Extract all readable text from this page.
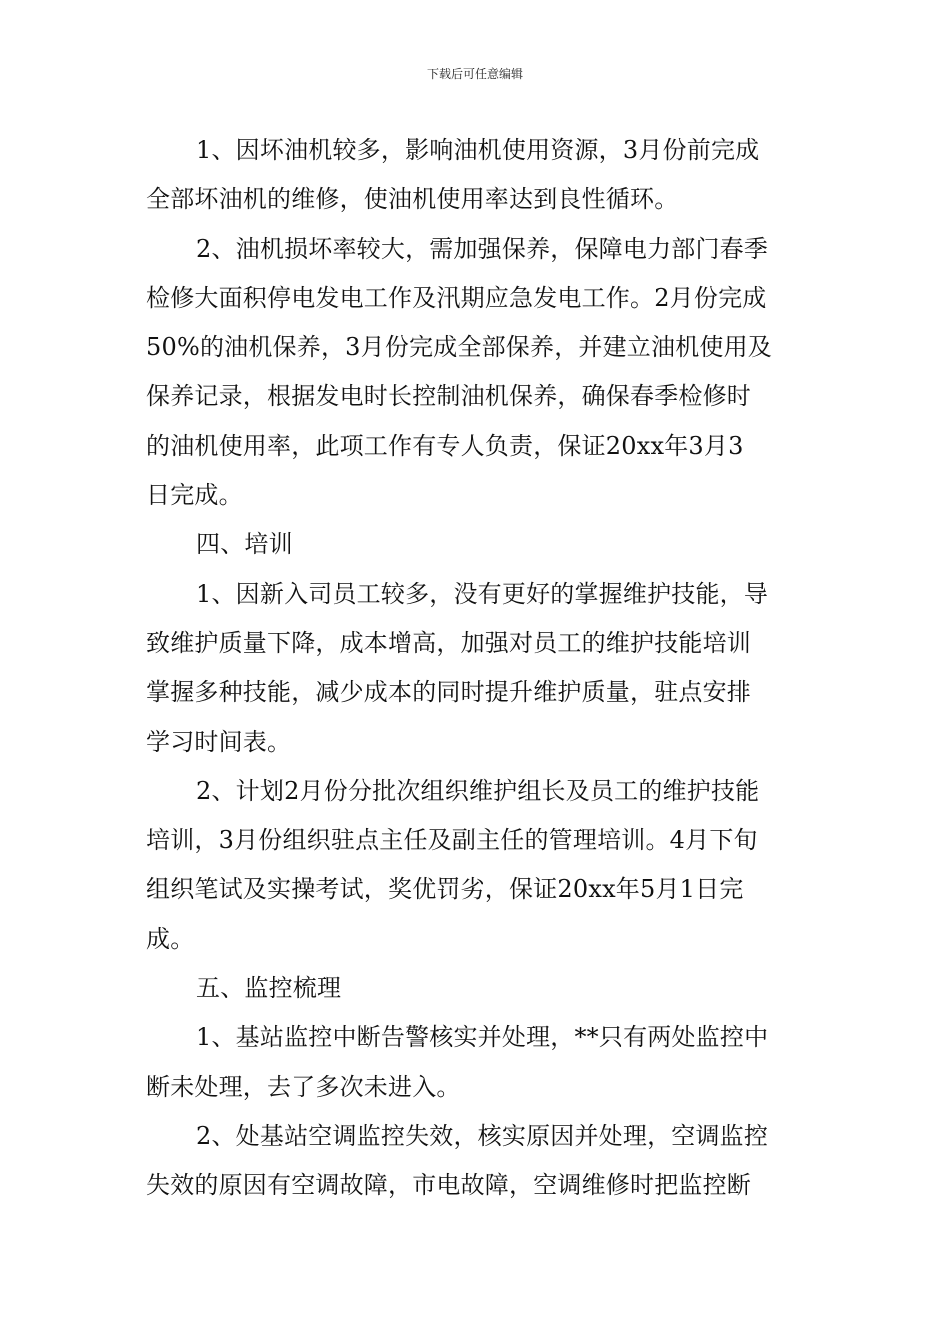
下载后可任意编辑
1、因坏油机较多，影响油机使用资源，3月份前完成
全部坏油机的维修，使油机使用率达到良性循环。
2、油机损坏率较大，需加强保养，保障电力部门春季
检修大面积停电发电工作及汛期应急发电工作。2月份完成
50%的油机保养，3月份完成全部保养，并建立油机使用及
保养记录，根据发电时长控制油机保养，确保春季检修时
的油机使用率，此项工作有专人负责，保证20xx年3月3
日完成。
四、培训
1、因新入司员工较多，没有更好的掌握维护技能，导
致维护质量下降，成本增高，加强对员工的维护技能培训
掌握多种技能，减少成本的同时提升维护质量，驻点安排
学习时间表。
2、计划2月份分批次组织维护组长及员工的维护技能
培训，3月份组织驻点主任及副主任的管理培训。4月下旬
组织笔试及实操考试，奖优罚劣，保证20xx年5月1日完
成。
五、监控梳理
1、基站监控中断告警核实并处理，**只有两处监控中
断未处理，去了多次未进入。
2、处基站空调监控失效，核实原因并处理，空调监控
失效的原因有空调故障，市电故障，空调维修时把监控断
